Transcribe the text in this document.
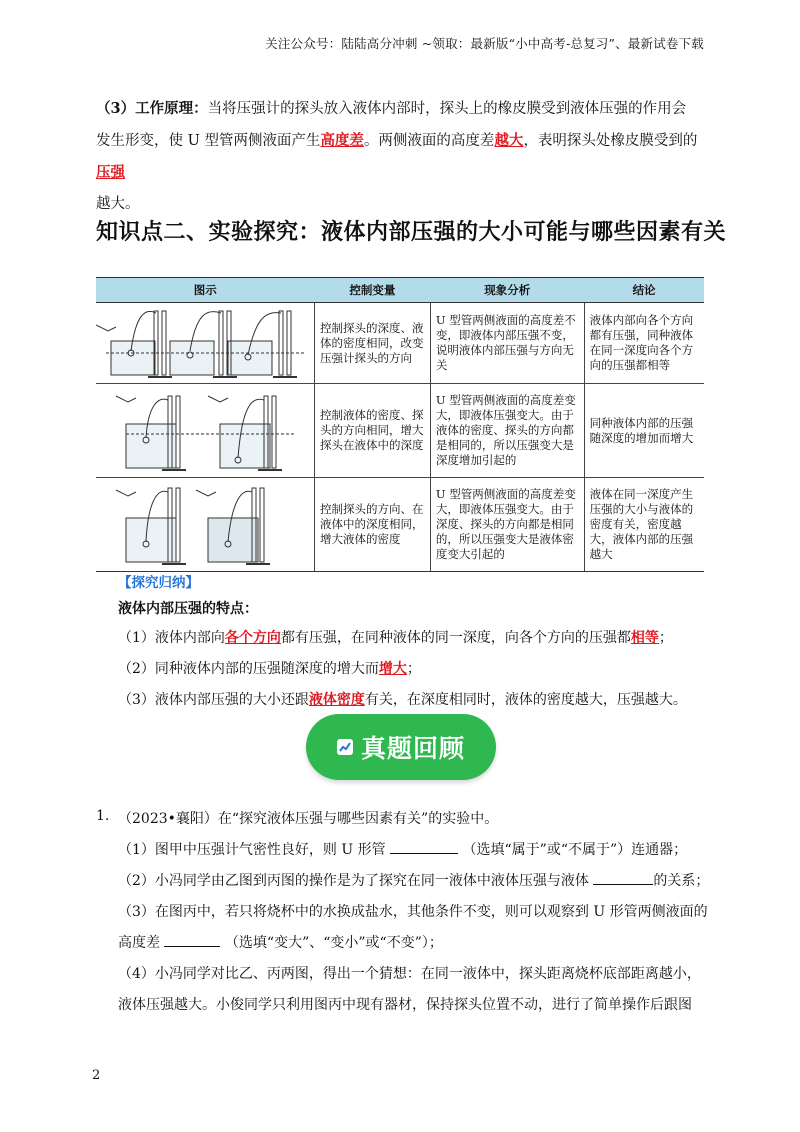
关注公众号：陆陆高分冲刺 ~领取：最新版“小中高考-总复习”、最新试卷下载
（3）工作原理：当将压强计的探头放入液体内部时，探头上的橡皮膜受到液体压强的作用会
发生形变，使 U 型管两侧液面产生高度差。两侧液面的高度差越大，表明探头处橡皮膜受到的压强
越大。
知识点二、实验探究：液体内部压强的大小可能与哪些因素有关
图示	控制变量	现象分析	结论

	控制探头的深度、液体的密度相同，改变压强计探头的方向	U 型管两侧液面的高度差不变，即液体内部压强不变，说明液体内部压强与方向无关	液体内部向各个方向都有压强，同种液体在同一深度向各个方向的压强都相等

	控制液体的密度、探头的方向相同，增大探头在液体中的深度	U 型管两侧液面的高度差变大，即液体压强变大。由于液体的密度、探头的方向都是相同的，所以压强变大是深度增加引起的	同种液体内部的压强随深度的增加而增大

	控制探头的方向、在液体中的深度相同，增大液体的密度	U 型管两侧液面的高度差变大，即液体压强变大。由于深度、探头的方向都是相同的，所以压强变大是液体密度变大引起的	液体在同一深度产生压强的大小与液体的密度有关，密度越大，液体内部的压强越大
【探究归纳】
液体内部压强的特点：
（1）液体内部向各个方向都有压强，在同种液体的同一深度，向各个方向的压强都相等；
（2）同种液体内部的压强随深度的增大而增大；
（3）液体内部压强的大小还跟液体密度有关，在深度相同时，液体的密度越大，压强越大。
真题回顾
1. （2023•襄阳）在“探究液体压强与哪些因素有关”的实验中。
（1）图甲中压强计气密性良好，则 U 形管	（选填“属于”或“不属于”）连通器；
（2）小冯同学由乙图到丙图的操作是为了探究在同一液体中液体压强与液体	的关系；
（3）在图丙中，若只将烧杯中的水换成盐水，其他条件不变，则可以观察到 U 形管两侧液面的
高度差	（选填“变大”、“变小”或“不变”）；
（4）小冯同学对比乙、丙两图，得出一个猜想：在同一液体中，探头距离烧杯底部距离越小，
液体压强越大。小俊同学只利用图丙中现有器材，保持探头位置不动，进行了简单操作后跟图
2
